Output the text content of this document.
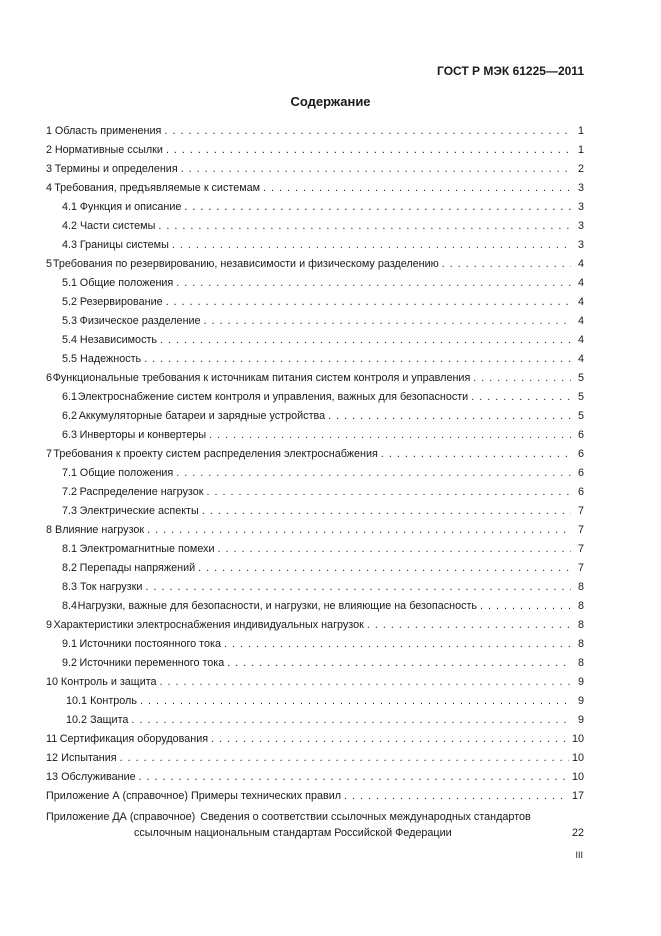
ГОСТ Р МЭК 61225—2011
Содержание
1 Область применения . . .	1
2 Нормативные ссылки . . .	1
3 Термины и определения . . .	2
4 Требования, предъявляемые к системам . . .	3
4.1 Функция и описание . . .	3
4.2 Части системы . . .	3
4.3 Границы системы . . .	3
5 Требования по резервированию, независимости и физическому разделению . . .	4
5.1 Общие положения . . .	4
5.2 Резервирование . . .	4
5.3 Физическое разделение . . .	4
5.4 Независимость . . .	4
5.5 Надежность . . .	4
6 Функциональные требования к источникам питания систем контроля и управления . . .	5
6.1 Электроснабжение систем контроля и управления, важных для безопасности . . .	5
6.2 Аккумуляторные батареи и зарядные устройства . . .	5
6.3 Инверторы и конвертеры . . .	6
7 Требования к проекту систем распределения электроснабжения . . .	6
7.1 Общие положения . . .	6
7.2 Распределение нагрузок . . .	6
7.3 Электрические аспекты . . .	7
8 Влияние нагрузок . . .	7
8.1 Электромагнитные помехи . . .	7
8.2 Перепады напряжений . . .	7
8.3 Ток нагрузки . . .	8
8.4 Нагрузки, важные для безопасности, и нагрузки, не влияющие на безопасность . . .	8
9 Характеристики электроснабжения индивидуальных нагрузок . . .	8
9.1 Источники постоянного тока . . .	8
9.2 Источники переменного тока . . .	8
10 Контроль и защита . . .	9
10.1 Контроль . . .	9
10.2 Защита . . .	9
11 Сертификация оборудования . . .	10
12 Испытания . . .	10
13 Обслуживание . . .	10
Приложение А (справочное) Примеры технических правил . . .	17
Приложение ДА (справочное) Сведения о соответствии ссылочных международных стандартов
ссылочным национальным стандартам Российской Федерации	22
III
